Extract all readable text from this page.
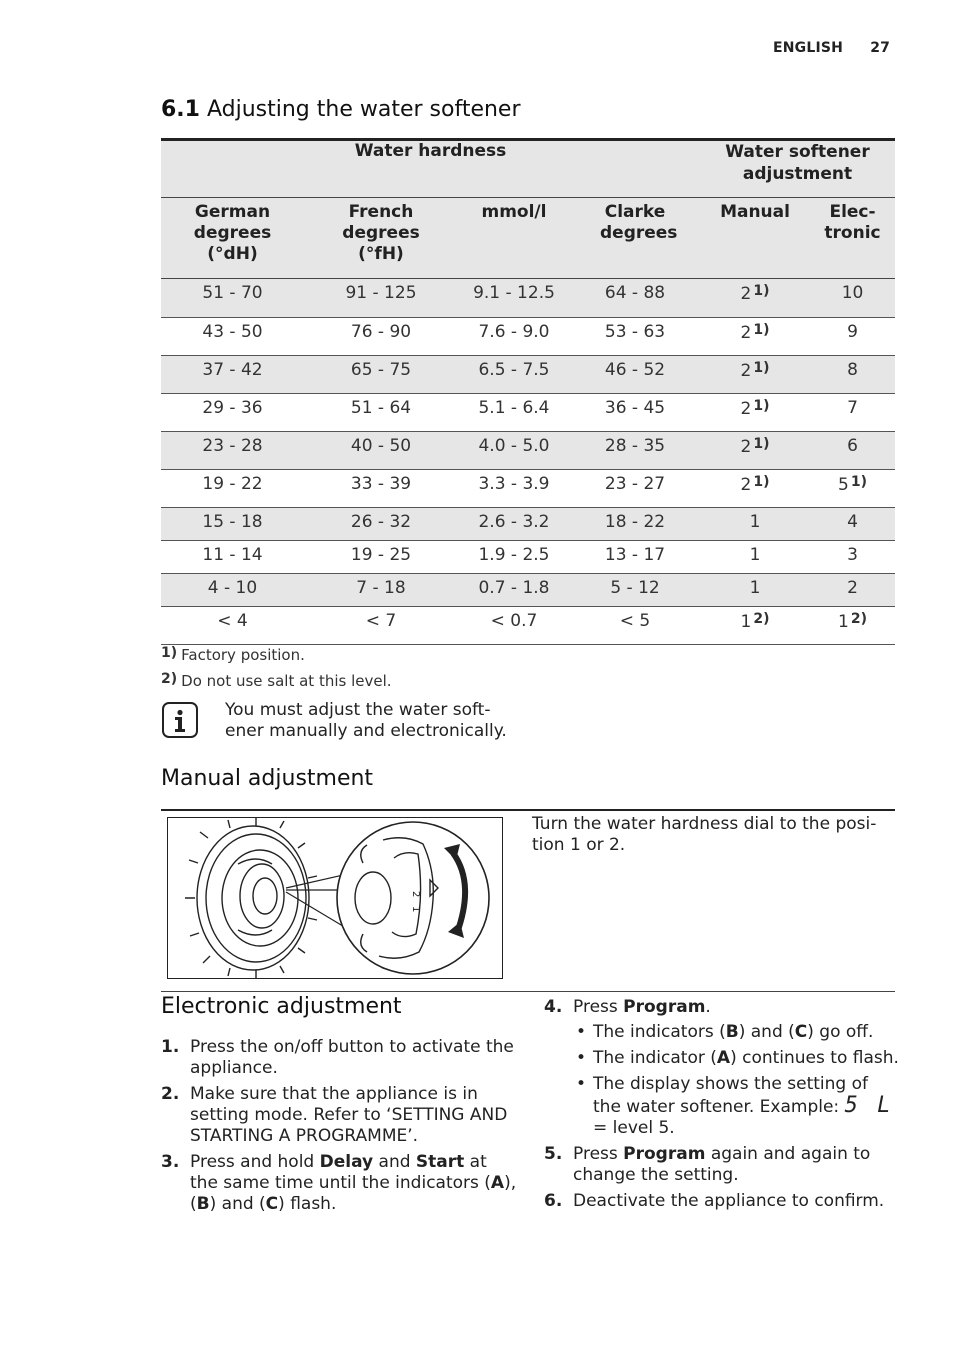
ENGLISH 27
6.1 Adjusting the water softener
Water hardness				Water softener adjustment	
German degrees (°dH)	French degrees (°fH)	mmol/l	Clarke degrees	Manual	Elec-tronic
51 - 70	91 - 125	9.1 - 12.5	64 - 88	2 $^{1)}$	10
43 - 50	76 - 90	7.6 - 9.0	53 - 63	2 $^{1)}$	9
37 - 42	65 - 75	6.5 - 7.5	46 - 52	2 $^{1)}$	8
29 - 36	51 - 64	5.1 - 6.4	36 - 45	2 $^{1)}$	7
23 - 28	40 - 50	4.0 - 5.0	28 - 35	2 $^{1)}$	6
19 - 22	33 - 39	3.3 - 3.9	23 - 27	2 $^{1)}$	5 $^{1)}$
15 - 18	26 - 32	2.6 - 3.2	18 - 22	1	4
11 - 14	19 - 25	1.9 - 2.5	13 - 17	1	3
4 - 10	7 - 18	0.7 - 1.8	5 - 12	1	2
< 4	< 7	< 0.7	< 5	1 $^{2)}$	1 $^{2)}$
1) Factory position.
2) Do not use salt at this level.
You must adjust the water soft-
ener manually and electronically.
Manual adjustment
2
1
Turn the water hardness dial to the posi-
tion 1 or 2.
Electronic adjustment
1. Press the on/off button to activate the appliance.
2. Make sure that the appliance is in setting mode. Refer to ‘SETTING AND STARTING A PROGRAMME’.
3. Press and hold Delay and Start at the same time until the indicators (A), (B) and (C) flash.
4. Press Program.
• The indicators (B) and (C) go off.
• The indicator (A) continues to flash.
• The display shows the setting of the water softener. Example: 5 L = level 5.
5. Press Program again and again to change the setting.
6. Deactivate the appliance to confirm.
